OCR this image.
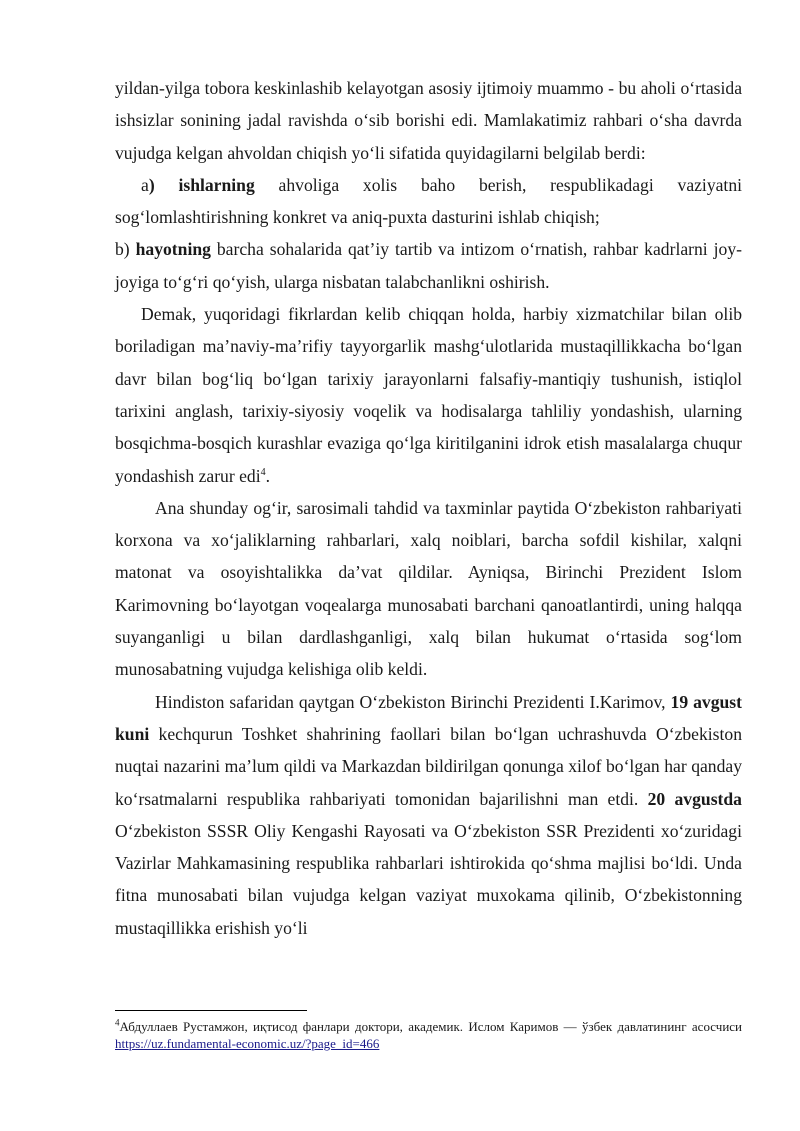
yildan-yilga tobora keskinlashib kelayotgan asosiy ijtimoiy muammo - bu aholi o‘rtasida ishsizlar sonining jadal ravishda o‘sib borishi edi. Mamlakatimiz rahbari o‘sha davrda vujudga kelgan ahvoldan chiqish yo‘li sifatida quyidagilarni belgilab berdi:

a) ishlarning ahvoliga xolis baho berish, respublikadagi vaziyatni sog‘lomlashtirishning konkret va aniq-puxta dasturini ishlab chiqish;

b) hayotning barcha sohalarida qat’iy tartib va intizom o‘rnatish, rahbar kadrlarni joy-joyiga to‘g‘ri qo‘yish, ularga nisbatan talabchanlikni oshirish.

Demak, yuqoridagi fikrlardan kelib chiqqan holda, harbiy xizmatchilar bilan olib boriladigan ma’naviy-ma’rifiy tayyorgarlik mashg‘ulotlarida mustaqillikkacha bo‘lgan davr bilan bog‘liq bo‘lgan tarixiy jarayonlarni falsafiy-mantiqiy tushunish, istiqlol tarixini anglash, tarixiy-siyosiy voqelik va hodisalarga tahliliy yondashish, ularning bosqichma-bosqich kurashlar evaziga qo‘lga kiritilganini idrok etish masalalarga chuqur yondashish zarur edi$^4$.

Ana shunday og‘ir, sarosimali tahdid va taxminlar paytida O‘zbekiston rahbariyati korxona va xo‘jaliklarning rahbarlari, xalq noiblari, barcha sofdil kishilar, xalqni matonat va osoyishtalikka da’vat qildilar. Ayniqsa, Birinchi Prezident Islom Karimovning bo‘layotgan voqealarga munosabati barchani qanoatlantirdi, uning halqqa suyanganligi u bilan dardlashganligi, xalq bilan hukumat o‘rtasida sog‘lom munosabatning vujudga kelishiga olib keldi.

Hindiston safaridan qaytgan O‘zbekiston Birinchi Prezidenti I.Karimov, 19 avgust kuni kechqurun Toshket shahrining faollari bilan bo‘lgan uchrashuvda O‘zbekiston nuqtai nazarini ma’lum qildi va Markazdan bildirilgan qonunga xilof bo‘lgan har qanday ko‘rsatmalarni respublika rahbariyati tomonidan bajarilishni man etdi. 20 avgustda O‘zbekiston SSSR Oliy Kengashi Rayosati va O‘zbekiston SSR Prezidenti xo‘zuridagi Vazirlar Mahkamasining respublika rahbarlari ishtirokida qo‘shma majlisi bo‘ldi. Unda fitna munosabati bilan vujudga kelgan vaziyat muxokama qilinib, O‘zbekistonning mustaqillikka erishish yo‘li

$^4$Абдуллаев Рустамжон, иқтисод фанлари доктори, академик. Ислом Каримов — ўзбек давлатининг асосчиси https://uz.fundamental-economic.uz/?page_id=466
